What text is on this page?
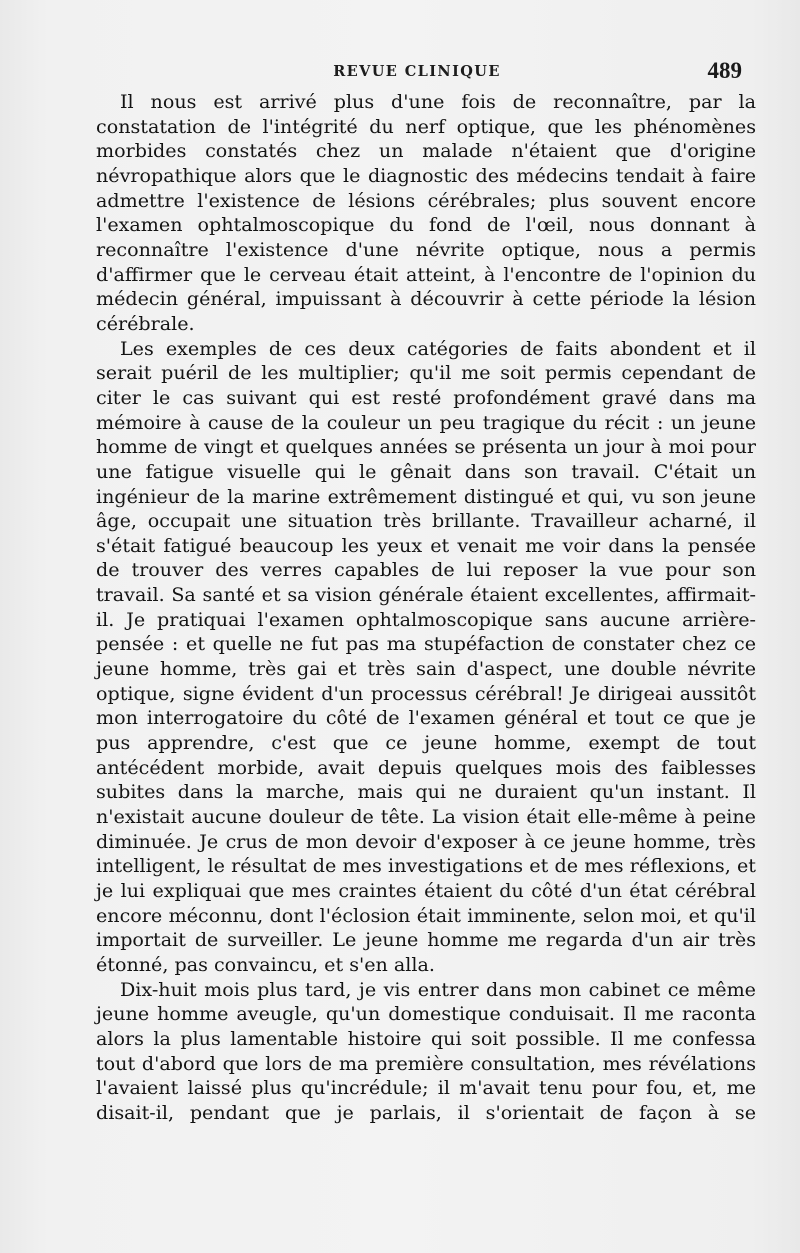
REVUE CLINIQUE	489

Il nous est arrivé plus d'une fois de reconnaître, par la constatation de l'intégrité du nerf optique, que les phénomènes morbides constatés chez un malade n'étaient que d'origine névropathique alors que le diagnostic des médecins tendait à faire admettre l'existence de lésions cérébrales; plus souvent encore l'examen ophtalmoscopique du fond de l'œil, nous donnant à reconnaître l'existence d'une névrite optique, nous a permis d'affirmer que le cerveau était atteint, à l'encontre de l'opinion du médecin général, impuissant à découvrir à cette période la lésion cérébrale.

Les exemples de ces deux catégories de faits abondent et il serait puéril de les multiplier; qu'il me soit permis cependant de citer le cas suivant qui est resté profondément gravé dans ma mémoire à cause de la couleur un peu tragique du récit : un jeune homme de vingt et quelques années se présenta un jour à moi pour une fatigue visuelle qui le gênait dans son travail. C'était un ingénieur de la marine extrêmement distingué et qui, vu son jeune âge, occupait une situation très brillante. Travailleur acharné, il s'était fatigué beaucoup les yeux et venait me voir dans la pensée de trouver des verres capables de lui reposer la vue pour son travail. Sa santé et sa vision générale étaient excellentes, affirmait-il. Je pratiquai l'examen ophtalmoscopique sans aucune arrière-pensée : et quelle ne fut pas ma stupéfaction de constater chez ce jeune homme, très gai et très sain d'aspect, une double névrite optique, signe évident d'un processus cérébral! Je dirigeai aussitôt mon interrogatoire du côté de l'examen général et tout ce que je pus apprendre, c'est que ce jeune homme, exempt de tout antécédent morbide, avait depuis quelques mois des faiblesses subites dans la marche, mais qui ne duraient qu'un instant. Il n'existait aucune douleur de tête. La vision était elle-même à peine diminuée. Je crus de mon devoir d'exposer à ce jeune homme, très intelligent, le résultat de mes investigations et de mes réflexions, et je lui expliquai que mes craintes étaient du côté d'un état cérébral encore méconnu, dont l'éclosion était imminente, selon moi, et qu'il importait de surveiller. Le jeune homme me regarda d'un air très étonné, pas convaincu, et s'en alla.

Dix-huit mois plus tard, je vis entrer dans mon cabinet ce même jeune homme aveugle, qu'un domestique conduisait. Il me raconta alors la plus lamentable histoire qui soit possible. Il me confessa tout d'abord que lors de ma première consultation, mes révélations l'avaient laissé plus qu'incrédule; il m'avait tenu pour fou, et, me disait-il, pendant que je parlais, il s'orientait de façon à se
